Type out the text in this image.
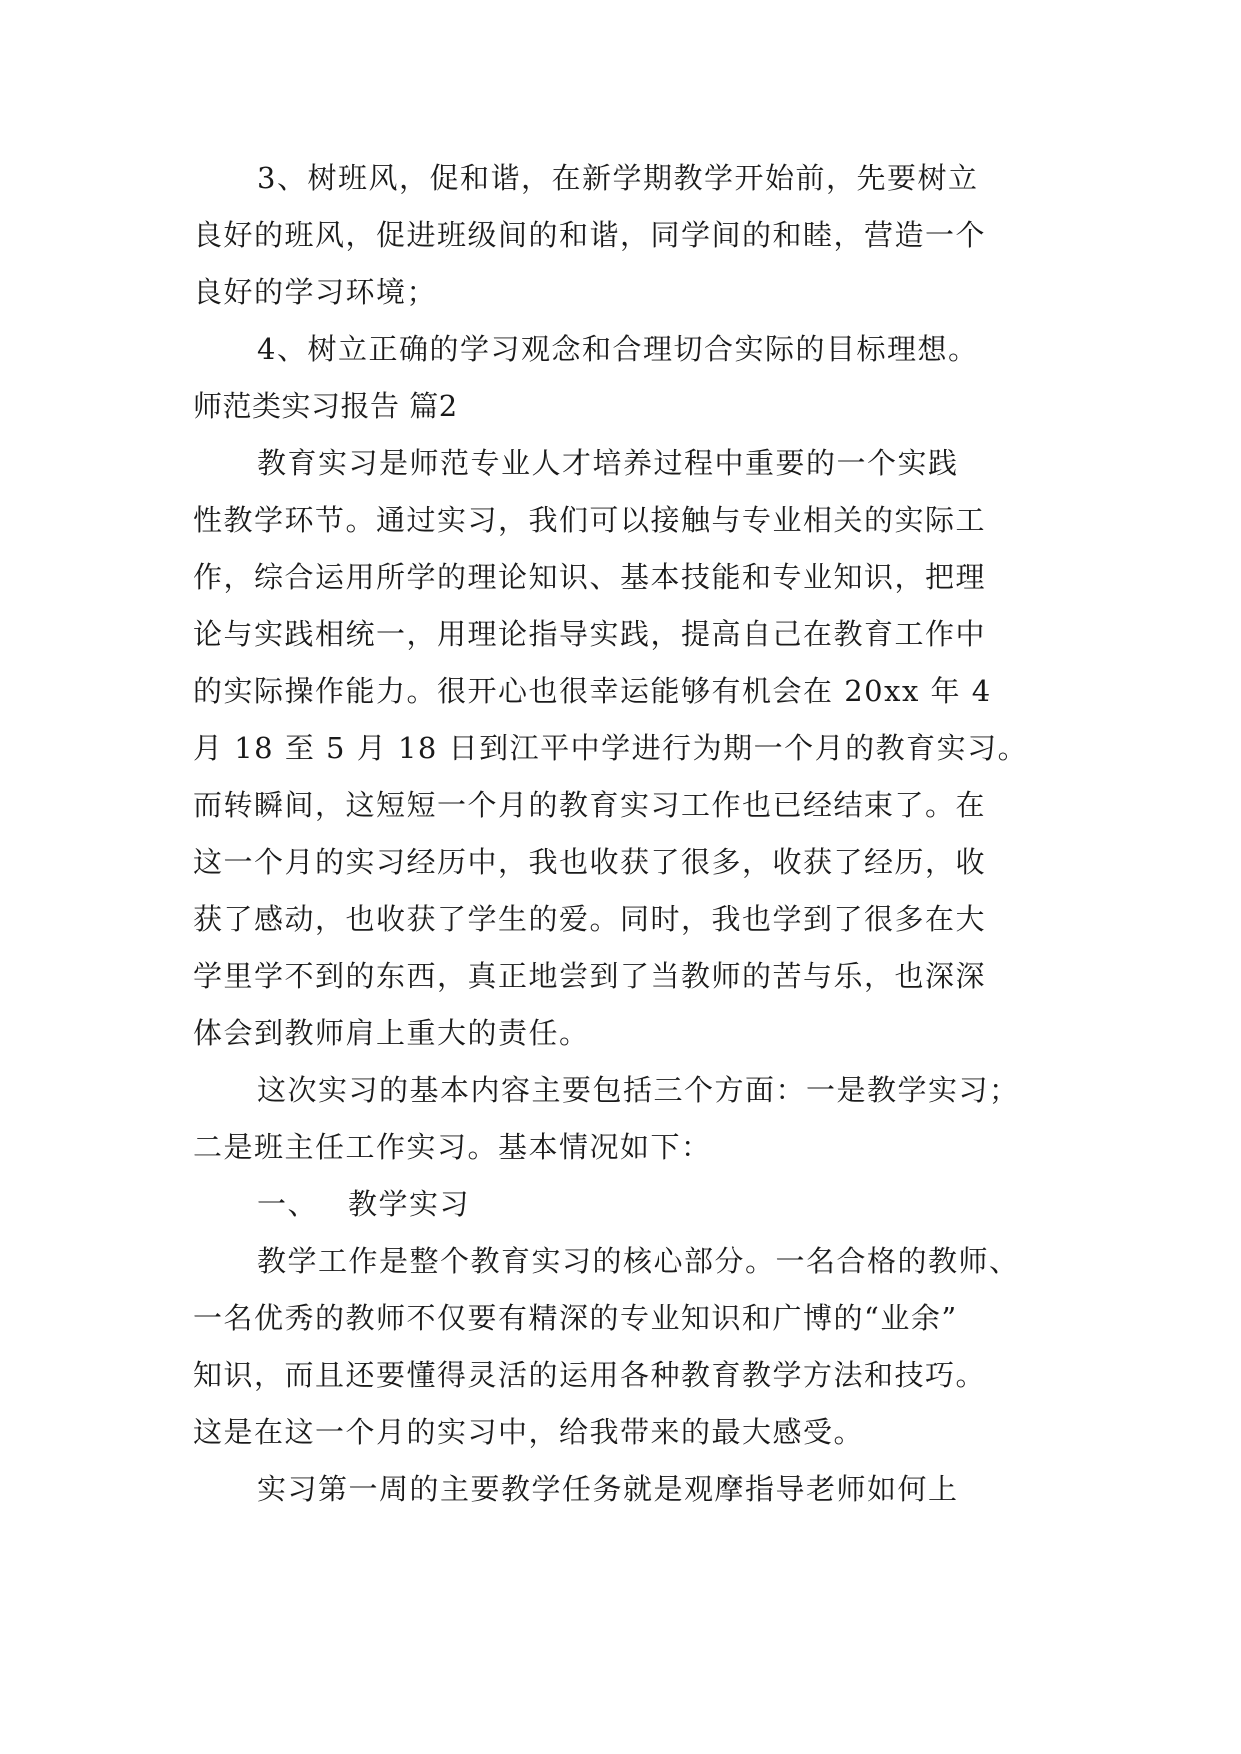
3、树班风，促和谐，在新学期教学开始前，先要树立
良好的班风，促进班级间的和谐，同学间的和睦，营造一个
良好的学习环境；
4、树立正确的学习观念和合理切合实际的目标理想。
师范类实习报告 篇2
教育实习是师范专业人才培养过程中重要的一个实践
性教学环节。通过实习，我们可以接触与专业相关的实际工
作，综合运用所学的理论知识、基本技能和专业知识，把理
论与实践相统一，用理论指导实践，提高自己在教育工作中
的实际操作能力。很开心也很幸运能够有机会在 20xx 年 4
月 18 至 5 月 18 日到江平中学进行为期一个月的教育实习。
而转瞬间，这短短一个月的教育实习工作也已经结束了。在
这一个月的实习经历中，我也收获了很多，收获了经历，收
获了感动，也收获了学生的爱。同时，我也学到了很多在大
学里学不到的东西，真正地尝到了当教师的苦与乐，也深深
体会到教师肩上重大的责任。
这次实习的基本内容主要包括三个方面：一是教学实习；
二是班主任工作实习。基本情况如下：
一、 教学实习
教学工作是整个教育实习的核心部分。一名合格的教师、
一名优秀的教师不仅要有精深的专业知识和广博的“业余”
知识，而且还要懂得灵活的运用各种教育教学方法和技巧。
这是在这一个月的实习中，给我带来的最大感受。
实习第一周的主要教学任务就是观摩指导老师如何上
